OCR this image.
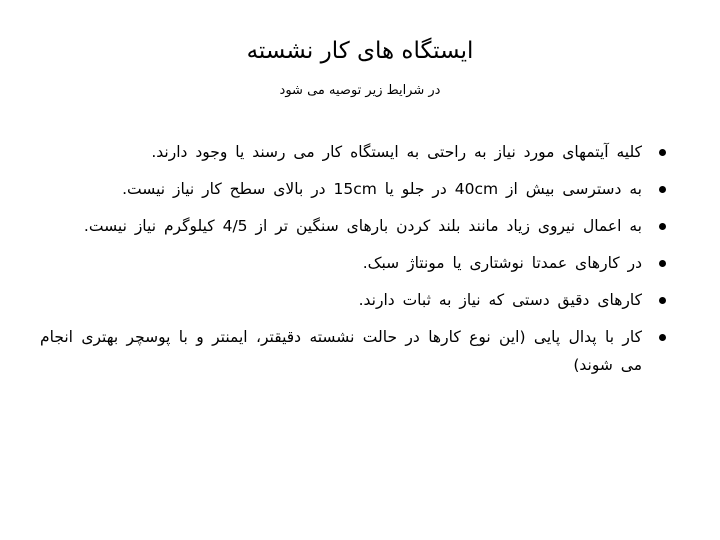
ایستگاه های کار نشسته
در شرایط زیر توصیه می شود
کلیه آیتمهای مورد نیاز به راحتی به ایستگاه کار می رسند یا وجود دارند.
به دسترسی بیش از 40cm در جلو یا 15cm در بالای سطح کار نیاز نیست.
به اعمال نیروی زیاد مانند بلند کردن بارهای سنگین تر از 4/5 کیلوگرم نیاز نیست.
در کارهای عمدتا نوشتاری یا مونتاژ سبک.
کارهای دقیق دستی که نیاز به ثبات دارند.
کار با پدال پایی (این نوع کارها در حالت نشسته دقیقتر، ایمنتر و با پوسچر بهتری انجام می شوند)
